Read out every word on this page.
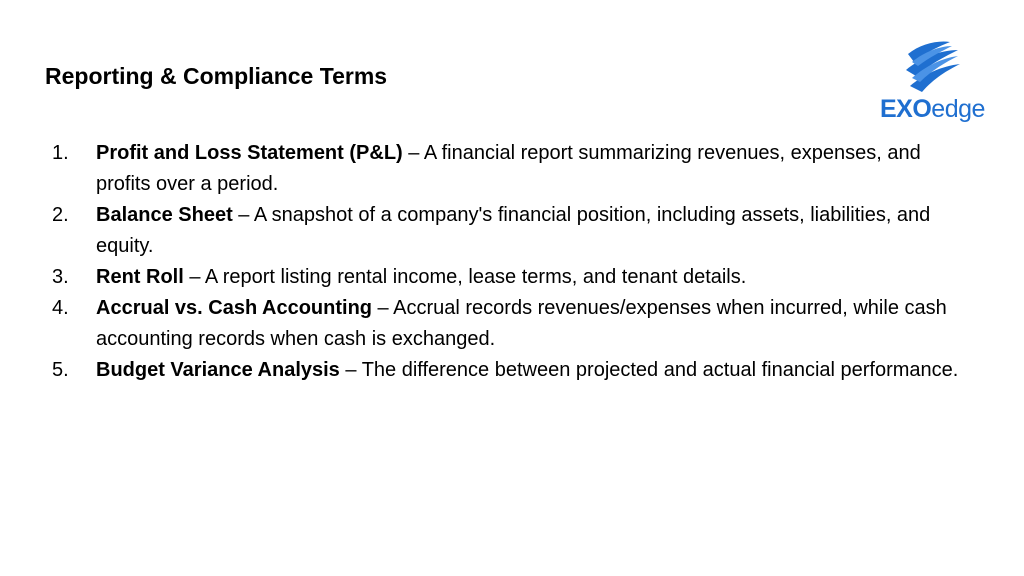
Reporting & Compliance Terms
EXOedge
1.	Profit and Loss Statement (P&L) – A financial report summarizing revenues, expenses, and profits over a period.
2.	Balance Sheet – A snapshot of a company's financial position, including assets, liabilities, and equity.
3.	Rent Roll – A report listing rental income, lease terms, and tenant details.
4.	Accrual vs. Cash Accounting – Accrual records revenues/expenses when incurred, while cash accounting records when cash is exchanged.
5.	Budget Variance Analysis – The difference between projected and actual financial performance.
